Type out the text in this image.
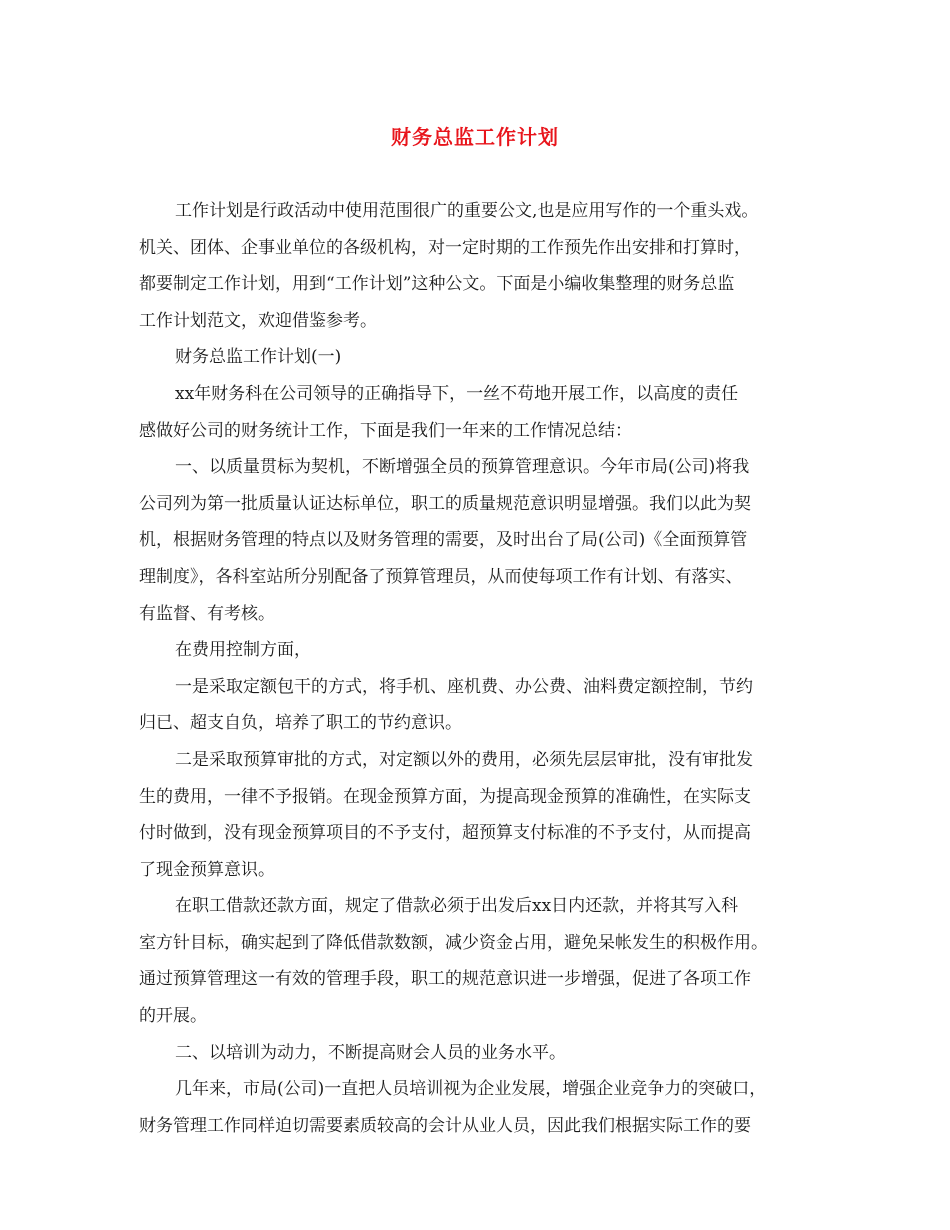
财务总监工作计划
工作计划是行政活动中使用范围很广的重要公文,也是应用写作的一个重头戏。
机关、团体、企事业单位的各级机构，对一定时期的工作预先作出安排和打算时，
都要制定工作计划，用到“工作计划”这种公文。下面是小编收集整理的财务总监
工作计划范文，欢迎借鉴参考。
财务总监工作计划(一)
xx年财务科在公司领导的正确指导下，一丝不苟地开展工作，以高度的责任
感做好公司的财务统计工作，下面是我们一年来的工作情况总结：
一、以质量贯标为契机，不断增强全员的预算管理意识。今年市局(公司)将我
公司列为第一批质量认证达标单位，职工的质量规范意识明显增强。我们以此为契
机，根据财务管理的特点以及财务管理的需要，及时出台了局(公司)《全面预算管
理制度》，各科室站所分别配备了预算管理员，从而使每项工作有计划、有落实、
有监督、有考核。
在费用控制方面，
一是采取定额包干的方式，将手机、座机费、办公费、油料费定额控制，节约
归已、超支自负，培养了职工的节约意识。
二是采取预算审批的方式，对定额以外的费用，必须先层层审批，没有审批发
生的费用，一律不予报销。在现金预算方面，为提高现金预算的准确性，在实际支
付时做到，没有现金预算项目的不予支付，超预算支付标准的不予支付，从而提高
了现金预算意识。
在职工借款还款方面，规定了借款必须于出发后xx日内还款，并将其写入科
室方针目标，确实起到了降低借款数额，减少资金占用，避免呆帐发生的积极作用。
通过预算管理这一有效的管理手段，职工的规范意识进一步增强，促进了各项工作
的开展。
二、以培训为动力，不断提高财会人员的业务水平。
几年来，市局(公司)一直把人员培训视为企业发展，增强企业竞争力的突破口，
财务管理工作同样迫切需要素质较高的会计从业人员，因此我们根据实际工作的要
